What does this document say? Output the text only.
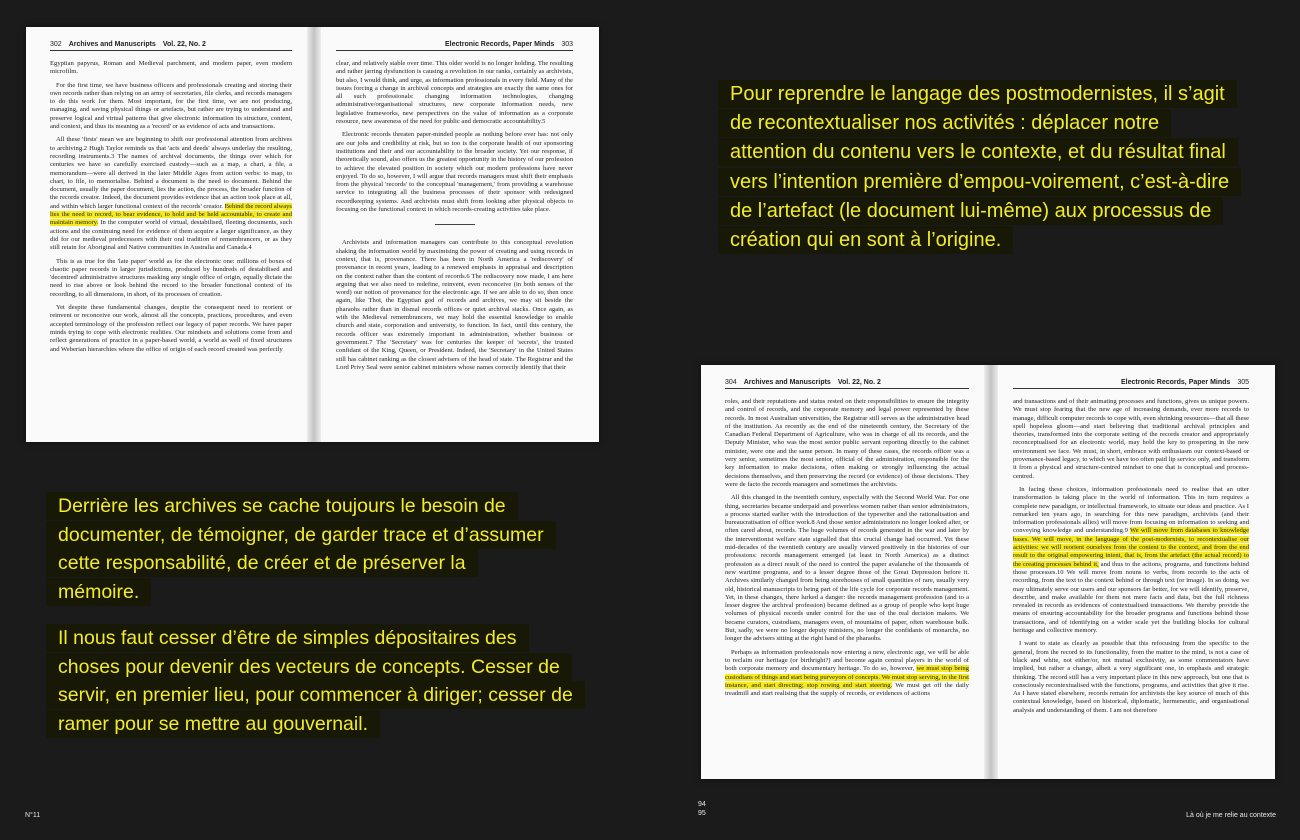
302 Archives and Manuscripts Vol. 22, No. 2

Egyptian papyrus, Roman and Medieval parchment, and modern paper, even modern microfilm.

For the first time, we have business officers and professionals creating and storing their own records rather than relying on an army of secretaries, file clerks, and records managers to do this work for them. Most important, for the first time, we are not producing, managing, and saving physical things or artefacts, but rather are trying to understand and preserve logical and virtual patterns that give electronic information its structure, content, and context, and thus its meaning as a 'record' or as evidence of acts and transactions.

All these 'firsts' mean we are beginning to shift our professional attention from archives to archiving.2 Hugh Taylor reminds us that 'acts and deeds' always underlay the resulting, recording instruments.3 The names of archival documents, the things over which for centuries we have so carefully exercised custody—such as a map, a chart, a file, a memorandum—were all derived in the later Middle Ages from action verbs: to map, to chart, to file, to memorialise. Behind a document is the need to document. Behind the document, usually the paper document, lies the action, the process, the broader function of the records creator. Indeed, the document provides evidence that an action took place at all, and within which larger functional context of the records' creator. Behind the record always lies the need to record, to bear evidence, to hold and be held accountable, to create and maintain memory. In the computer world of virtual, destabilised, fleeting documents, such actions and the continuing need for evidence of them acquire a larger significance, as they did for our medieval predecessors with their oral tradition of remembrancers, or as they still retain for Aboriginal and Native communities in Australia and Canada.4

This is as true for the 'late paper' world as for the electronic one: millions of boxes of chaotic paper records in larger jurisdictions, produced by hundreds of destabilised and 'decentred' administrative structures masking any single office of origin, equally dictate the need to rise above or look behind the record to the broader functional context of its recording, to all dimensions, in short, of its processes of creation.

Yet despite these fundamental changes, despite the consequent need to reorient or reinvent or reconceive our work, almost all the concepts, practices, procedures, and even accepted terminology of the profession reflect our legacy of paper records. We have paper minds trying to cope with electronic realities. Our mindsets and solutions come from and reflect generations of practice in a paper-based world, a world as well of fixed structures and Weberian hierarchies where the office of origin of each record created was perfectly

Electronic Records, Paper Minds 303

clear, and relatively stable over time. This older world is no longer holding. The resulting and rather jarring dysfunction is causing a revolution in our ranks, certainly as archivists, but also, I would think, and urge, as information professionals in every field. Many of the issues forcing a change in archival concepts and strategies are exactly the same ones for all such professionals: changing information technologies, changing administrative/organisational structures, new corporate information needs, new legislative frameworks, new perspectives on the value of information as a corporate resource, new awareness of the need for public and democratic accountability.5

Electronic records threaten paper-minded people as nothing before ever has: not only are our jobs and credibility at risk, but so too is the corporate health of our sponsoring institutions and their and our accountability to the broader society. Yet our response, if theoretically sound, also offers us the greatest opportunity in the history of our profession to achieve the elevated position in society which our modern professions have never enjoyed. To do so, however, I will argue that records managers must shift their emphasis from the physical 'records' to the conceptual 'management,' from providing a warehouse service to integrating all the business processes of their sponsor with redesigned recordkeeping systems. And archivists must shift from looking after physical objects to focusing on the functional context in which records-creating activities take place.

Archivists and information managers can contribute to this conceptual revolution shaking the information world by maximising the power of creating and using records in context, that is, provenance. There has been in North America a 'rediscovery' of provenance in recent years, leading to a renewed emphasis in appraisal and description on the context rather than the content of records.6 The rediscovery now made, I am here arguing that we also need to redefine, reinvent, even reconceive (in both senses of the word) our notion of provenance for the electronic age. If we are able to do so, then once again, like Thot, the Egyptian god of records and archives, we may sit beside the pharaohs rather than in dismal records offices or quiet archival stacks. Once again, as with the Medieval remembrancers, we may hold the essential knowledge to enable church and state, corporation and university, to function. In fact, until this century, the records officer was extremely important in administration, whether business or government.7 The 'Secretary' was for centuries the keeper of 'secrets', the trusted confidant of the King, Queen, or President. Indeed, the 'Secretary' in the United States still has cabinet ranking as the closest advisers of the head of state. The Registrar and the Lord Privy Seal were senior cabinet ministers whose names correctly identify that their

304 Archives and Manuscripts Vol. 22, No. 2

roles, and their reputations and status rested on their responsibilities to ensure the integrity and control of records, and the corporate memory and legal power represented by these records. In most Australian universities, the Registrar still serves as the administrative head of the institution. As recently as the end of the nineteenth century, the Secretary of the Canadian Federal Department of Agriculture, who was in charge of all its records, and the Deputy Minister, who was the most senior public servant reporting directly to the cabinet minister, were one and the same person. In many of these cases, the records officer was a very senior, sometimes the most senior, official of the administration, responsible for the key information to make decisions, often making or strongly influencing the actual decisions themselves, and then preserving the record (or evidence) of those decisions. They were de facto the records managers and sometimes the archivists.

All this changed in the twentieth century, especially with the Second World War. For one thing, secretaries became underpaid and powerless women rather than senior administrators, a process started earlier with the introduction of the typewriter and the rationalisation and bureaucratisation of office work.8 And those senior administrators no longer looked after, or often cared about, records. The huge volumes of records generated in the war and later by the interventionist welfare state signalled that this crucial change had occurred. Yet these mid-decades of the twentieth century are usually viewed positively in the histories of our professions: records management emerged (at least in North America) as a distinct profession as a direct result of the need to control the paper avalanche of the thousands of new wartime programs, and to a lesser degree those of the Great Depression before it. Archives similarly changed from being storehouses of small quantities of rare, usually very old, historical manuscripts to being part of the life cycle for corporate records management. Yet, in these changes, there lurked a danger: the records management profession (and to a lesser degree the archival profession) became defined as a group of people who kept huge volumes of physical records under control for the use of the real decision makers. We became curators, custodians, managers even, of mountains of paper, often warehouse bulk. But, sadly, we were no longer deputy ministers, no longer the confidants of monarchs, no longer the advisers sitting at the right hand of the pharaohs.

Perhaps as information professionals now entering a new, electronic age, we will be able to reclaim our heritage (or birthright?) and become again central players in the world of both corporate memory and documentary heritage. To do so, however, we must stop being custodians of things and start being purveyors of concepts. We must stop serving, in the first instance, and start directing; stop rowing and start steering. We must get off the daily treadmill and start realising that the supply of records, or evidences of actions

Electronic Records, Paper Minds 305

and transactions and of their animating processes and functions, gives us unique powers. We must stop fearing that the new age of increasing demands, ever more records to manage, difficult computer records to cope with, even shrinking resources—that all these spell hopeless gloom—and start believing that traditional archival principles and theories, transformed into the corporate setting of the records creator and appropriately reconceptualised for an electronic world, may hold the key to prospering in the new environment we face. We must, in short, embrace with enthusiasm our context-based or provenance-based legacy, to which we have too often paid lip service only, and transform it from a physical and structure-centred mindset to one that is conceptual and process-centred.

In facing these choices, information professionals need to realise that an utter transformation is taking place in the world of information. This in turn requires a complete new paradigm, or intellectual framework, to situate our ideas and practice. As I remarked ten years ago, in searching for this new paradigm, archivists (and their information professionals allies) will move from focusing on information to seeking and conveying knowledge and understanding.9 We will move from databases to knowledge bases. We will move, in the language of the post-modernists, to recontextualise our activities: we will reorient ourselves from the content to the context, and from the end result to the original empowering intent, that is, from the artefact (the actual record) to the creating processes behind it, and thus to the actions, programs, and functions behind those processes.10 We will move from nouns to verbs, from records to the acts of recording, from the text to the context behind or through text (or image). In so doing, we may ultimately serve our users and our sponsors far better, for we will identify, preserve, describe, and make available for them not mere facts and data, but the full richness revealed in records as evidences of contextualised transactions. We thereby provide the means of ensuring accountability for the broader programs and functions behind those transactions, and of identifying on a wider scale yet the building blocks for cultural heritage and collective memory.

I want to state as clearly as possible that this refocusing from the specific to the general, from the record to its functionality, from the matter to the mind, is not a case of black and white, not either/or, not mutual exclusivity, as some commentators have implied, but rather a change, albeit a very significant one, in emphasis and strategic thinking. The record still has a very important place in this new approach, but one that is consciously recontextualised with the functions, programs, and activities that give it rise. As I have stated elsewhere, records remain for archivists the key source of much of this contextual knowledge, based on historical, diplomatic, hermeneutic, and organisational analysis and understanding of them. I am not therefore

Pour reprendre le langage des postmodernistes, il s’agit de recontextualiser nos activités : déplacer notre attention du contenu vers le contexte, et du résultat final vers l’intention première d’empou-voirement, c’est-à-dire de l’artefact (le document lui-même) aux processus de création qui en sont à l’origine.
Derrière les archives se cache toujours le besoin de documenter, de témoigner, de garder trace et d’assumer cette responsabilité, de créer et de préserver la mémoire.
Il nous faut cesser d’être de simples dépositaires des choses pour devenir des vecteurs de concepts. Cesser de servir, en premier lieu, pour commencer à diriger; cesser de ramer pour se mettre au gouvernail.
N°11
94
95	Là où je me relie au contexte
